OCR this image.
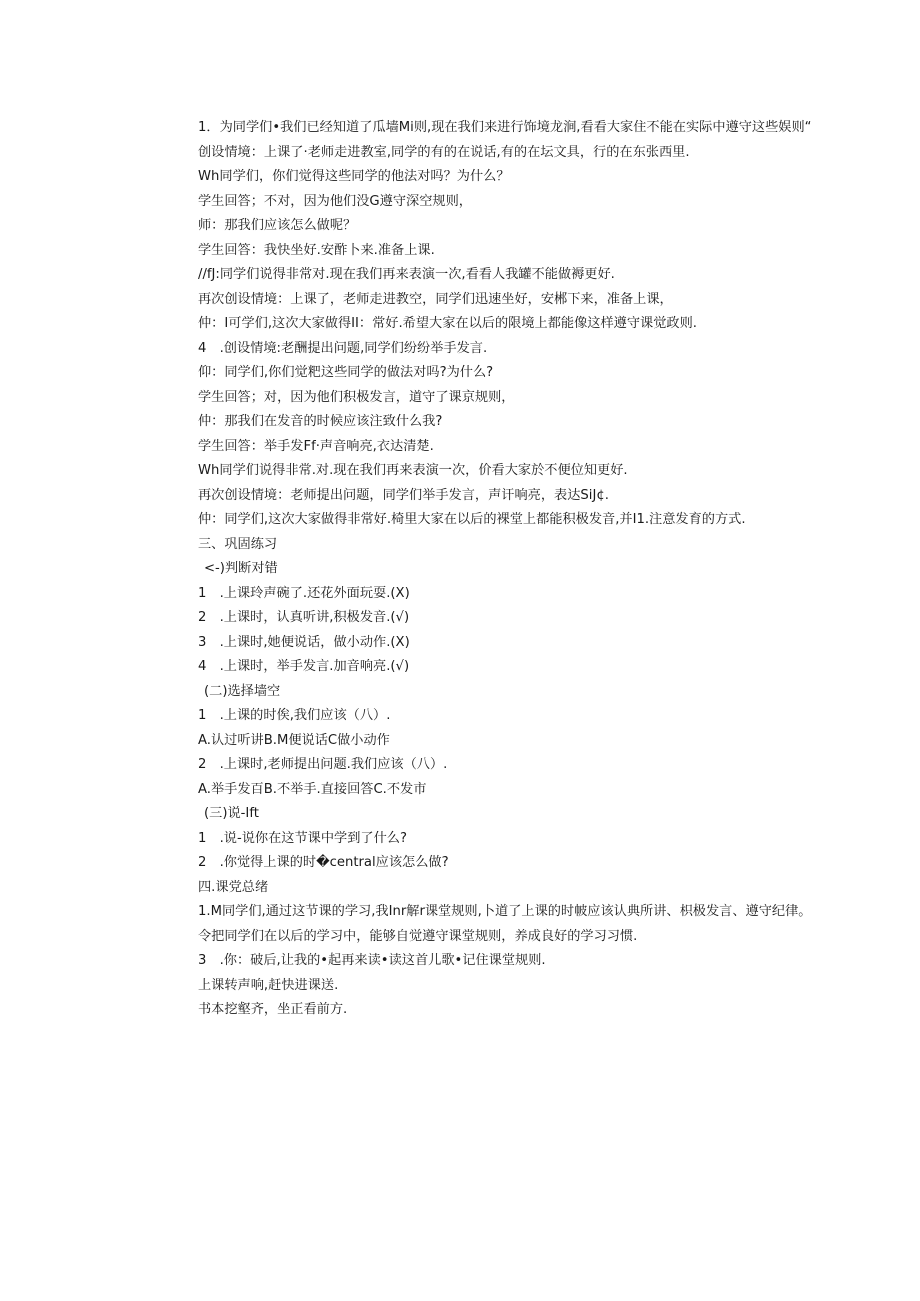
1．为同学们•我们已经知道了瓜墙Mi则,现在我们来进行饰境龙涧,看看大家住不能在实际中遵守这些娱则“
创设情境：上课了·老师走进教室,同学的有的在说话,有的在坛文具，行的在东张西里.
Wh同学们，你们觉得这些同学的他法对吗？为什么？
学生回答；不对，因为他们没G遵守深空规则，
师：那我们应该怎么做呢？
学生回答：我快坐好.安酢卜来.准备上课.
//fJ:同学们说得非常对.现在我们再来表演一次,看看人我罐不能做褥更好.
再次创设情境：上课了，老师走进教空，同学们迅速坐好，安郴下来，准备上课，
仲：I可学们,这次大家做得II：常好.希望大家在以后的限境上都能像这样遵守课觉政则.
4　.创设情境:老酬提出问题,同学们纷纷举手发言.
仰：同学们,你们觉粑这些同学的做法对吗?为什么?
学生回答；对，因为他们积极发言，道守了课京规则，
仲：那我们在发音的时候应该注致什么我?
学生回答：举手发Ff·声音响亮,衣达清楚.
Wh同学们说得非常.对.现在我们再来表演一次，价看大家於不便位知更好.
再次创设情境：老师提出问题，同学们举手发言，声讦响亮，表达SiJ¢.
仲：同学们,这次大家做得非常好.椅里大家在以后的裸堂上都能积极发音,并I1.注意发育的方式.
三、巩固练习
<-)判断对错
1　.上课玲声碗了.还花外面玩耍.(X)
2　.上课时，认真听讲,积极发音.(√)
3　.上课时,她便说话，做小动作.(X)
4　.上课时，举手发言.加音响亮.(√)
(二)选择墙空
1　.上课的时俟,我们应该（八）.
A.认过听讲B.M便说话C做小动作
2　.上课时,老师提出问题.我们应该（八）.
A.举手发百B.不举手.直接回答C.不发市
(三)说-Ift
1　.说-说你在这节课中学到了什么?
2　.你觉得上课的时�central应该怎么做?
四.课党总绪
1.M同学们,通过这节课的学习,我Inr解r课堂规则,卜道了上课的时帔应该认典所讲、枳极发言、遵守纪律。令把同学们在以后的学习中，能够自觉遵守课堂规则，养成良好的学习习惯.
3　.你：破后,让我的•起再来读•读这首儿歌•记住课堂规则.
上课转声响,赶快进课送.
书本挖壑齐，坐正看前方.
